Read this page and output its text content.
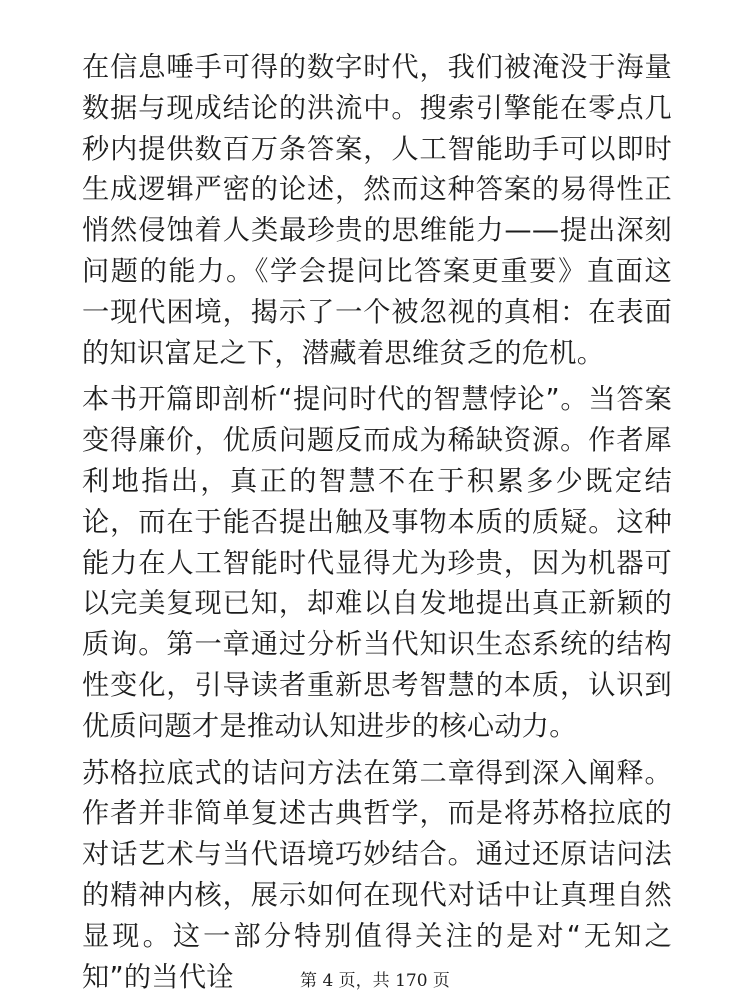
在信息唾手可得的数字时代，我们被淹没于海量数据与现成结论的洪流中。搜索引擎能在零点几秒内提供数百万条答案，人工智能助手可以即时生成逻辑严密的论述，然而这种答案的易得性正悄然侵蚀着人类最珍贵的思维能力——提出深刻问题的能力。《学会提问比答案更重要》直面这一现代困境，揭示了一个被忽视的真相：在表面的知识富足之下，潜藏着思维贫乏的危机。

本书开篇即剖析“提问时代的智慧悖论”。当答案变得廉价，优质问题反而成为稀缺资源。作者犀利地指出，真正的智慧不在于积累多少既定结论，而在于能否提出触及事物本质的质疑。这种能力在人工智能时代显得尤为珍贵，因为机器可以完美复现已知，却难以自发地提出真正新颖的质询。第一章通过分析当代知识生态系统的结构性变化，引导读者重新思考智慧的本质，认识到优质问题才是推动认知进步的核心动力。

苏格拉底式的诘问方法在第二章得到深入阐释。作者并非简单复述古典哲学，而是将苏格拉底的对话艺术与当代语境巧妙结合。通过还原诘问法的精神内核，展示如何在现代对话中让真理自然显现。这一部分特别值得关注的是对“无知之知”的当代诠	第 4 页，共 170 页
